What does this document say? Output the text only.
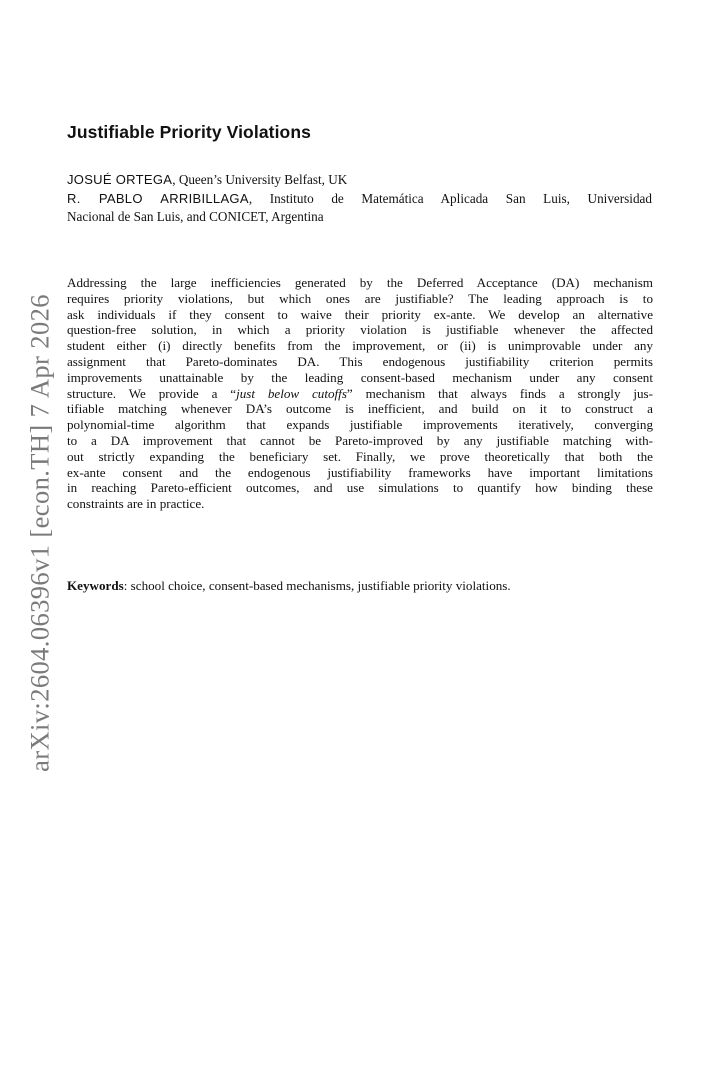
Justifiable Priority Violations
JOSUÉ ORTEGA, Queen’s University Belfast, UK
R. PABLO ARRIBILLAGA, Instituto de Matemática Aplicada San Luis, Universidad
Nacional de San Luis, and CONICET, Argentina
Addressing the large inefficiencies generated by the Deferred Acceptance (DA) mechanism
requires priority violations, but which ones are justifiable? The leading approach is to
ask individuals if they consent to waive their priority ex-ante. We develop an alternative
question-free solution, in which a priority violation is justifiable whenever the affected
student either (i) directly benefits from the improvement, or (ii) is unimprovable under any
assignment that Pareto-dominates DA. This endogenous justifiability criterion permits
improvements unattainable by the leading consent-based mechanism under any consent
structure. We provide a “just below cutoffs” mechanism that always finds a strongly jus-
tifiable matching whenever DA’s outcome is inefficient, and build on it to construct a
polynomial-time algorithm that expands justifiable improvements iteratively, converging
to a DA improvement that cannot be Pareto-improved by any justifiable matching with-
out strictly expanding the beneficiary set. Finally, we prove theoretically that both the
ex-ante consent and the endogenous justifiability frameworks have important limitations
in reaching Pareto-efficient outcomes, and use simulations to quantify how binding these
constraints are in practice.
Keywords: school choice, consent-based mechanisms, justifiable priority violations.
arXiv:2604.06396v1 [econ.TH] 7 Apr 2026
